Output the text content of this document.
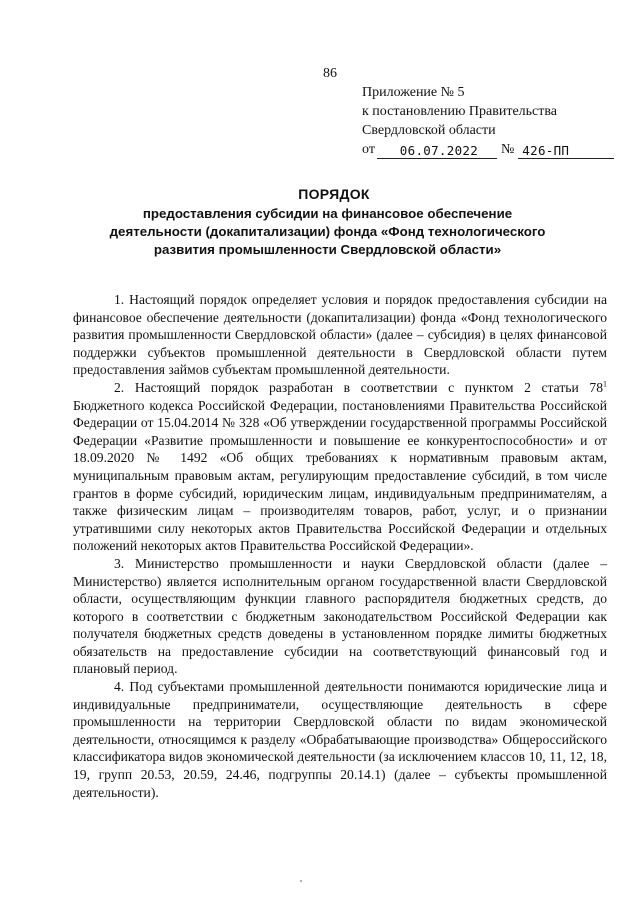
86
Приложение № 5
к постановлению Правительства
Свердловской области
от	06.07.2022	№ 426-ПП
ПОРЯДОК
предоставления субсидии на финансовое обеспечение деятельности (докапитализации) фонда «Фонд технологического развития промышленности Свердловской области»

1. Настоящий порядок определяет условия и порядок предоставления субсидии на финансовое обеспечение деятельности (докапитализации) фонда «Фонд технологического развития промышленности Свердловской области» (далее – субсидия) в целях финансовой поддержки субъектов промышленной деятельности в Свердловской области путем предоставления займов субъектам промышленной деятельности.

2. Настоящий порядок разработан в соответствии с пунктом 2 статьи $78^1$ Бюджетного кодекса Российской Федерации, постановлениями Правительства Российской Федерации от 15.04.2014 № 328 «Об утверждении государственной программы Российской Федерации «Развитие промышленности и повышение ее конкурентоспособности» и от 18.09.2020 № 1492 «Об общих требованиях к нормативным правовым актам, муниципальным правовым актам, регулирующим предоставление субсидий, в том числе грантов в форме субсидий, юридическим лицам, индивидуальным предпринимателям, а также физическим лицам – производителям товаров, работ, услуг, и о признании утратившими силу некоторых актов Правительства Российской Федерации и отдельных положений некоторых актов Правительства Российской Федерации».

3. Министерство промышленности и науки Свердловской области (далее – Министерство) является исполнительным органом государственной власти Свердловской области, осуществляющим функции главного распорядителя бюджетных средств, до которого в соответствии с бюджетным законодательством Российской Федерации как получателя бюджетных средств доведены в установленном порядке лимиты бюджетных обязательств на предоставление субсидии на соответствующий финансовый год и плановый период.

4. Под субъектами промышленной деятельности понимаются юридические лица и индивидуальные предприниматели, осуществляющие деятельность в сфере промышленности на территории Свердловской области по видам экономической деятельности, относящимся к разделу «Обрабатывающие производства» Общероссийского классификатора видов экономической деятельности (за исключением классов 10, 11, 12, 18, 19, групп 20.53, 20.59, 24.46, подгруппы 20.14.1) (далее – субъекты промышленной деятельности).
